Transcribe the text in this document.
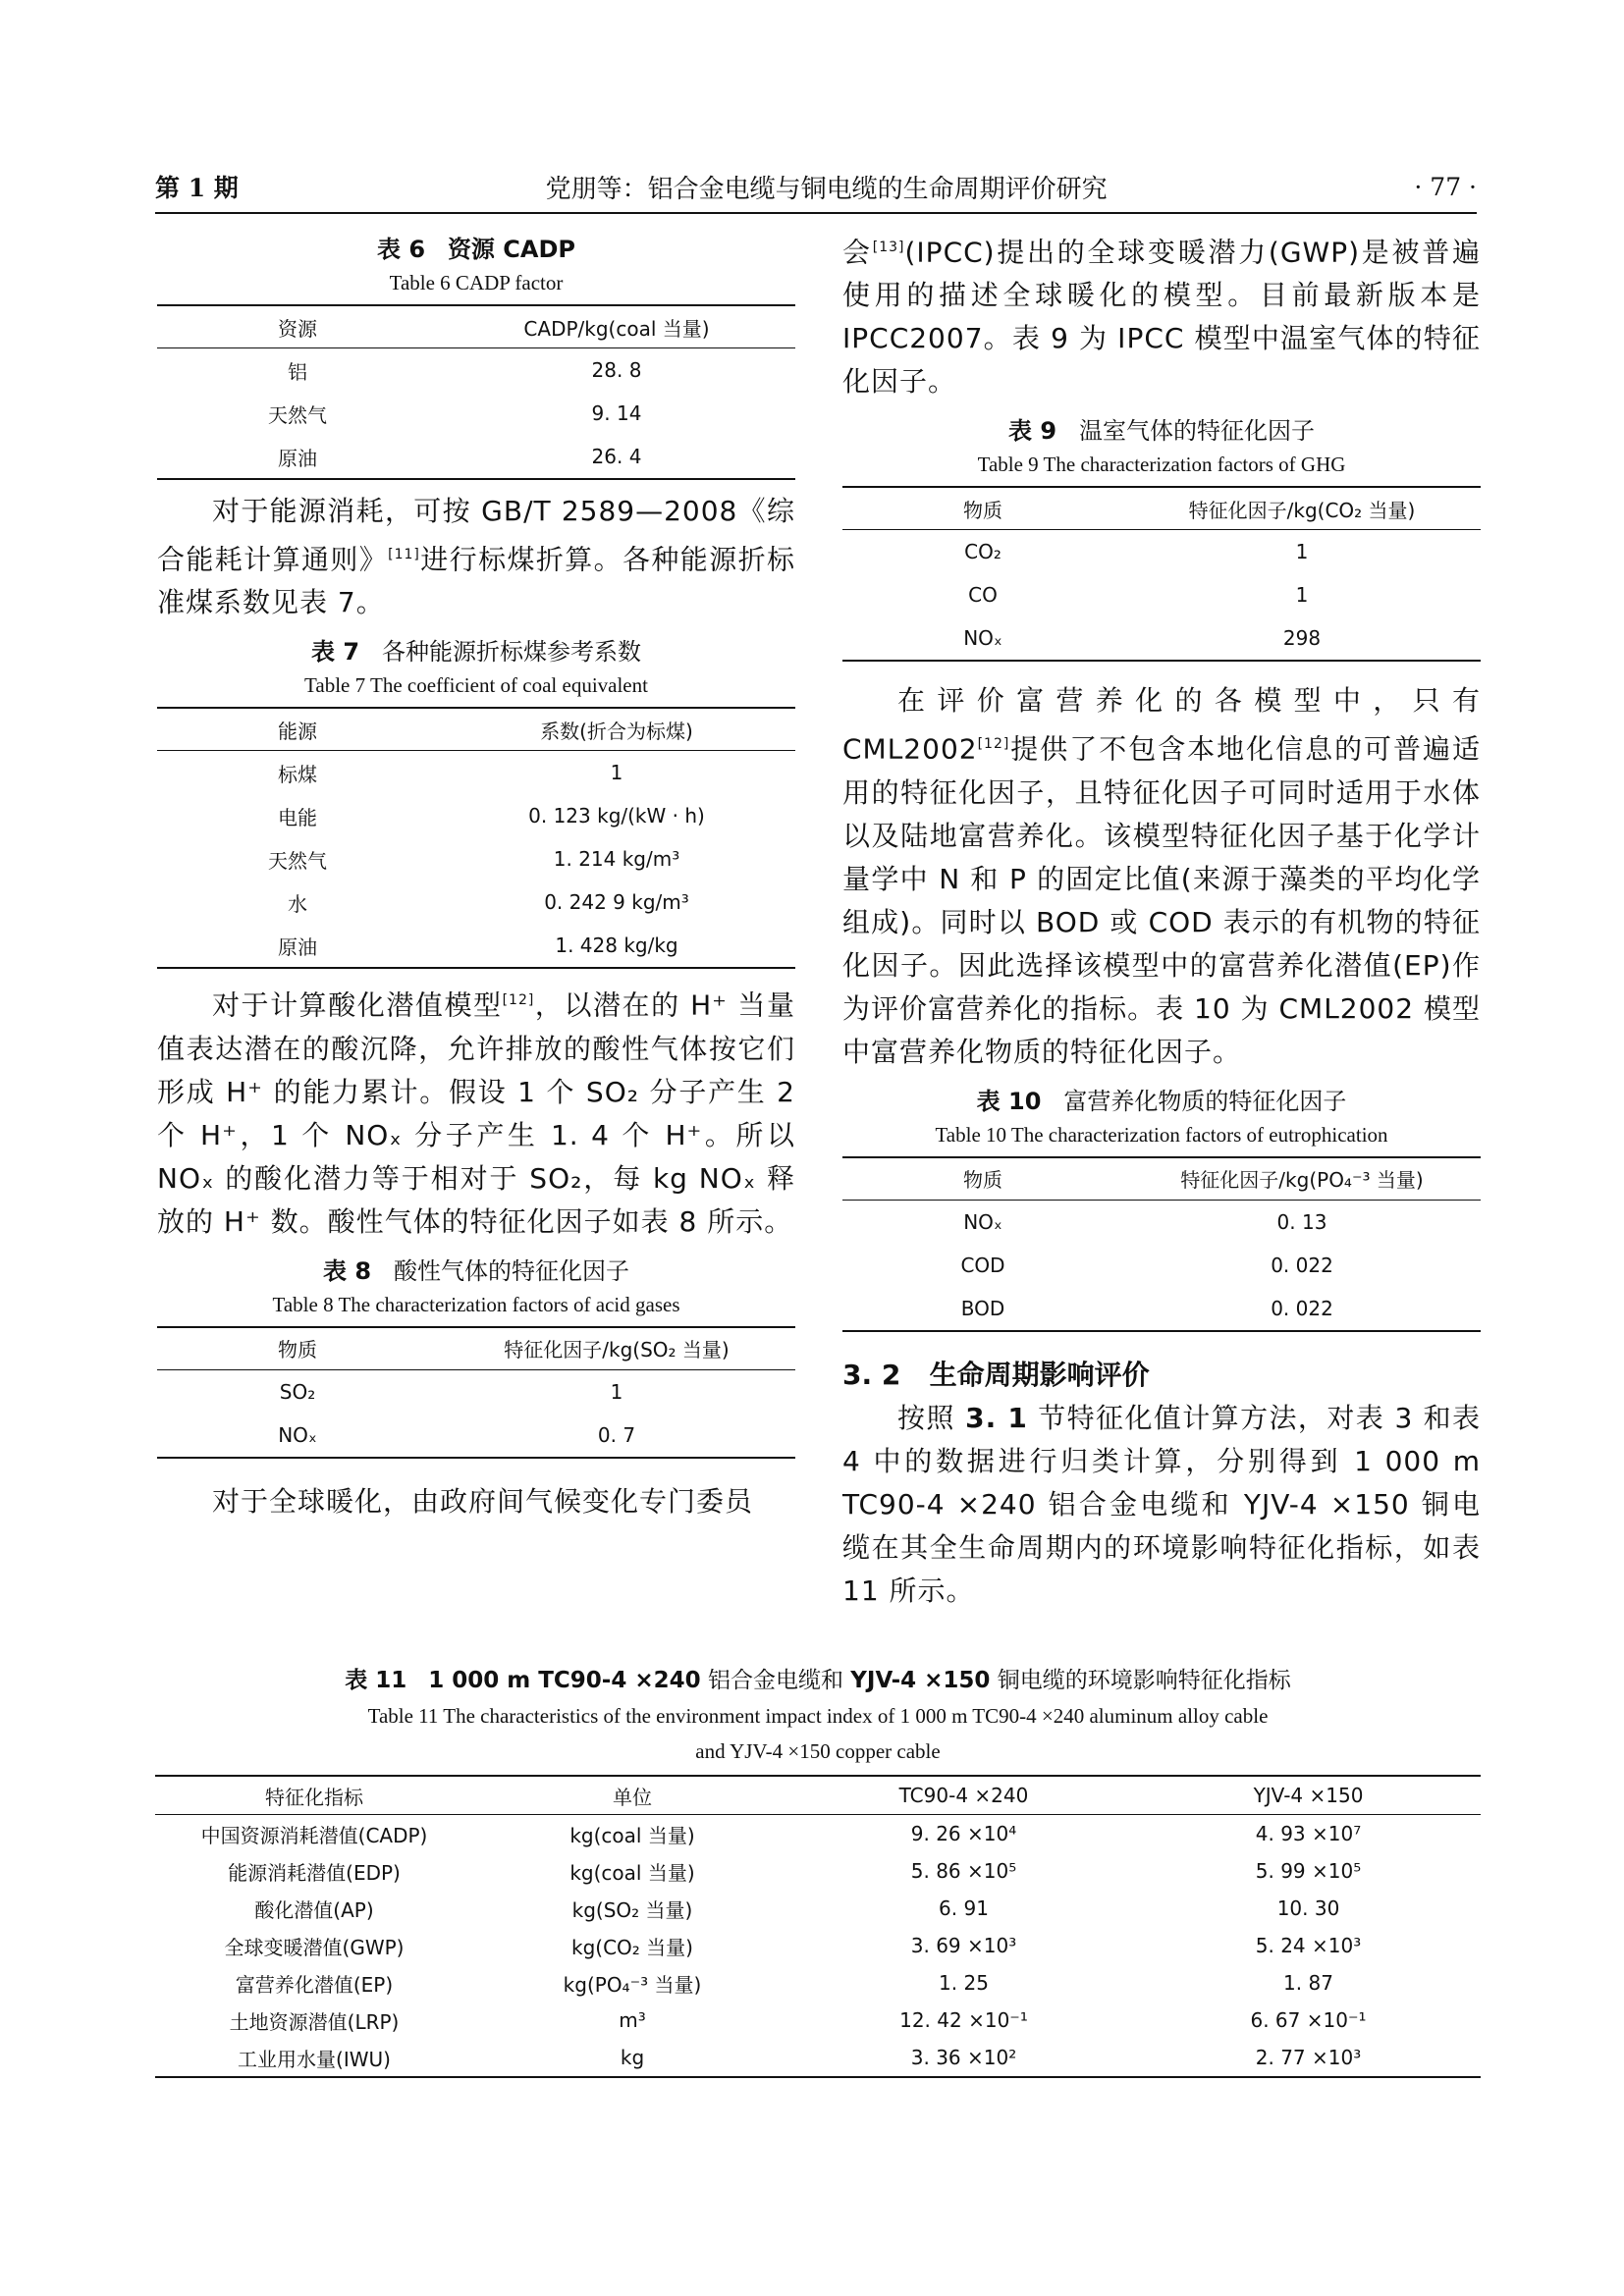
第 1 期	党朋等：铝合金电缆与铜电缆的生命周期评价研究	· 77 ·
表 6 资源 CADP
Table 6 CADP factor
资源	CADP/kg(coal 当量)
铝	28. 8
天然气	9. 14
原油	26. 4

对于能源消耗，可按 GB/T 2589—2008《综合能耗计算通则》[11]进行标煤折算。各种能源折标准煤系数见表 7。

表 7 各种能源折标煤参考系数
Table 7 The coefficient of coal equivalent
能源	系数(折合为标煤)
标煤	1
电能	0. 123 kg/(kW · h)
天然气	1. 214 kg/m³
水	0. 242 9 kg/m³
原油	1. 428 kg/kg

对于计算酸化潜值模型[12]，以潜在的 H⁺ 当量值表达潜在的酸沉降，允许排放的酸性气体按它们形成 H⁺ 的能力累计。假设 1 个 SO₂ 分子产生 2 个 H⁺，1 个 NOₓ 分子产生 1. 4 个 H⁺。所以 NOₓ 的酸化潜力等于相对于 SO₂，每 kg NOₓ 释放的 H⁺ 数。酸性气体的特征化因子如表 8 所示。

表 8 酸性气体的特征化因子
Table 8 The characterization factors of acid gases
物质	特征化因子/kg(SO₂ 当量)
SO₂	1
NOₓ	0. 7

对于全球暖化，由政府间气候变化专门委员

会[13](IPCC)提出的全球变暖潜力(GWP)是被普遍使用的描述全球暖化的模型。目前最新版本是 IPCC2007。表 9 为 IPCC 模型中温室气体的特征化因子。

表 9 温室气体的特征化因子
Table 9 The characterization factors of GHG
物质	特征化因子/kg(CO₂ 当量)
CO₂	1
CO	1
NOₓ	298

在评价富营养化的各模型中，只有 CML2002[12]提供了不包含本地化信息的可普遍适用的特征化因子，且特征化因子可同时适用于水体以及陆地富营养化。该模型特征化因子基于化学计量学中 N 和 P 的固定比值(来源于藻类的平均化学组成)。同时以 BOD 或 COD 表示的有机物的特征化因子。因此选择该模型中的富营养化潜值(EP)作为评价富营养化的指标。表 10 为 CML2002 模型中富营养化物质的特征化因子。

表 10 富营养化物质的特征化因子
Table 10 The characterization factors of eutrophication
物质	特征化因子/kg(PO₄⁻³ 当量)
NOₓ	0. 13
COD	0. 022
BOD	0. 022
3. 2 生命周期影响评价

按照 3. 1 节特征化值计算方法，对表 3 和表 4 中的数据进行归类计算，分别得到 1 000 m TC90-4 ×240 铝合金电缆和 YJV-4 ×150 铜电缆在其全生命周期内的环境影响特征化指标，如表 11 所示。

表 11 1 000 m TC90-4 ×240 铝合金电缆和 YJV-4 ×150 铜电缆的环境影响特征化指标
Table 11 The characteristics of the environment impact index of 1 000 m TC90-4 ×240 aluminum alloy cable
and YJV-4 ×150 copper cable
特征化指标	单位	TC90-4 ×240	YJV-4 ×150
中国资源消耗潜值(CADP)	kg(coal 当量)	9. 26 ×10⁴	4. 93 ×10⁷
能源消耗潜值(EDP)	kg(coal 当量)	5. 86 ×10⁵	5. 99 ×10⁵
酸化潜值(AP)	kg(SO₂ 当量)	6. 91	10. 30
全球变暖潜值(GWP)	kg(CO₂ 当量)	3. 69 ×10³	5. 24 ×10³
富营养化潜值(EP)	kg(PO₄⁻³ 当量)	1. 25	1. 87
土地资源潜值(LRP)	m³	12. 42 ×10⁻¹	6. 67 ×10⁻¹
工业用水量(IWU)	kg	3. 36 ×10²	2. 77 ×10³
